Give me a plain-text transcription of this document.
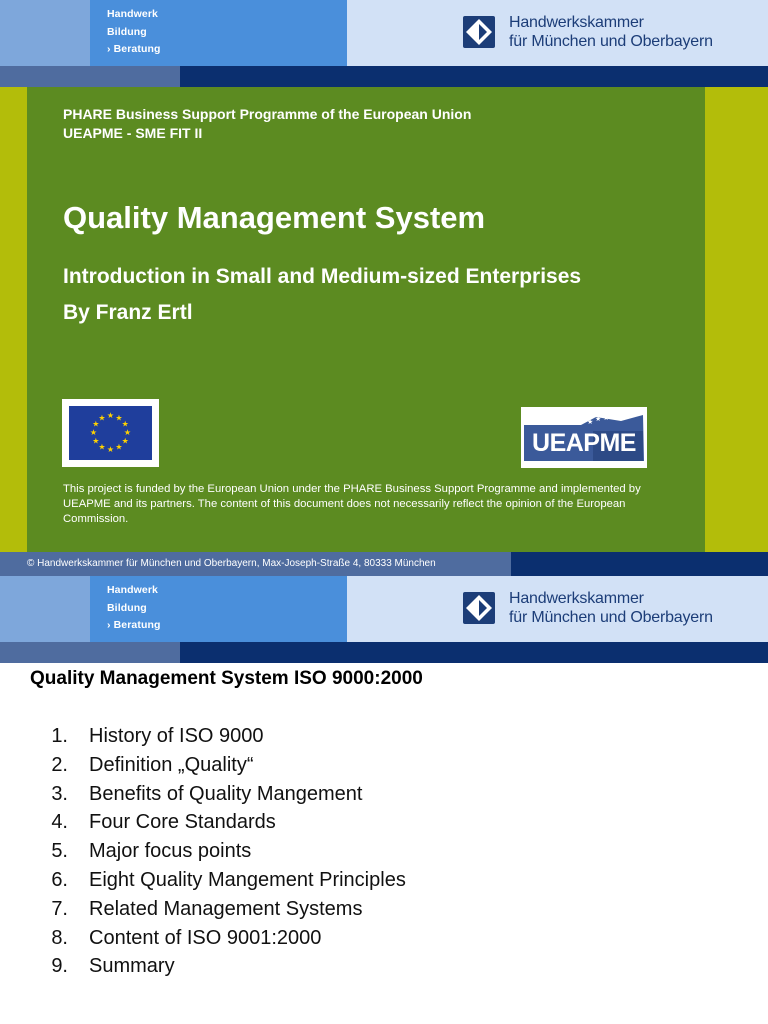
Handwerk
Bildung
› Beratung
Handwerkskammer
für München und Oberbayern
PHARE Business Support Programme of the European Union
UEAPME - SME FIT II
Quality Management System
Introduction in Small and Medium-sized Enterprises
By Franz Ertl
★ ★
★
★
★
★
★
★
★
★
★
★	★ ★ ★ ★ ★
UEAPME
This project is funded by the European Union under the PHARE Business Support Programme and implemented by UEAPME and its partners. The content of this document does not necessarily reflect the opinion of the European Commission.
© Handwerkskammer für München und Oberbayern, Max-Joseph-Straße 4, 80333 München
Handwerk
Bildung
› Beratung
Handwerkskammer
für München und Oberbayern
Quality Management System ISO 9000:2000
1. History of ISO 9000
2. Definition „Quality“
3. Benefits of Quality Mangement
4. Four Core Standards
5. Major focus points
6. Eight Quality Mangement Principles
7. Related Management Systems
8. Content of ISO 9001:2000
9. Summary
